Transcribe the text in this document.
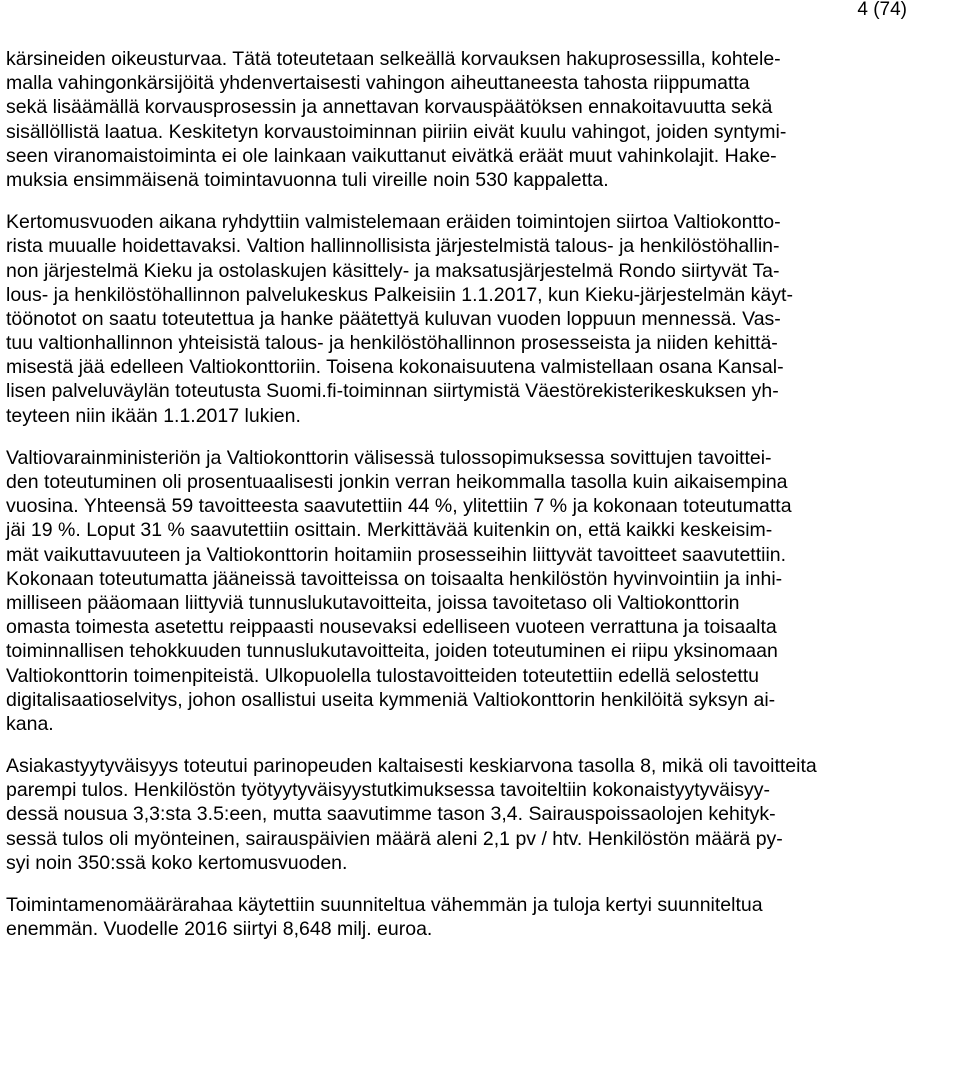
4 (74)
kärsineiden oikeusturvaa. Tätä toteutetaan selkeällä korvauksen hakuprosessilla, kohtele-
malla vahingonkärsijöitä yhdenvertaisesti vahingon aiheuttaneesta tahosta riippumatta
sekä lisäämällä korvausprosessin ja annettavan korvauspäätöksen ennakoitavuutta sekä
sisällöllistä laatua. Keskitetyn korvaustoiminnan piiriin eivät kuulu vahingot, joiden syntymi-
seen viranomaistoiminta ei ole lainkaan vaikuttanut eivätkä eräät muut vahinkolajit. Hake-
muksia ensimmäisenä toimintavuonna tuli vireille noin 530 kappaletta.
Kertomusvuoden aikana ryhdyttiin valmistelemaan eräiden toimintojen siirtoa Valtiokontto-
rista muualle hoidettavaksi. Valtion hallinnollisista järjestelmistä talous- ja henkilöstöhallin-
non järjestelmä Kieku ja ostolaskujen käsittely- ja maksatusjärjestelmä Rondo siirtyvät Ta-
lous- ja henkilöstöhallinnon palvelukeskus Palkeisiin 1.1.2017, kun Kieku-järjestelmän käyt-
töönotot on saatu toteutettua ja hanke päätettyä kuluvan vuoden loppuun mennessä. Vas-
tuu valtionhallinnon yhteisistä talous- ja henkilöstöhallinnon prosesseista ja niiden kehittä-
misestä jää edelleen Valtiokonttoriin. Toisena kokonaisuutena valmistellaan osana Kansal-
lisen palveluväylän toteutusta Suomi.fi-toiminnan siirtymistä Väestörekisterikeskuksen yh-
teyteen niin ikään 1.1.2017 lukien.
Valtiovarainministeriön ja Valtiokonttorin välisessä tulossopimuksessa sovittujen tavoittei-
den toteutuminen oli prosentuaalisesti jonkin verran heikommalla tasolla kuin aikaisempina
vuosina. Yhteensä 59 tavoitteesta saavutettiin 44 %, ylitettiin 7 % ja kokonaan toteutumatta
jäi 19 %. Loput 31 % saavutettiin osittain. Merkittävää kuitenkin on, että kaikki keskeisim-
mät vaikuttavuuteen ja Valtiokonttorin hoitamiin prosesseihin liittyvät tavoitteet saavutettiin.
Kokonaan toteutumatta jääneissä tavoitteissa on toisaalta henkilöstön hyvinvointiin ja inhi-
milliseen pääomaan liittyviä tunnuslukutavoitteita, joissa tavoitetaso oli Valtiokonttorin
omasta toimesta asetettu reippaasti nousevaksi edelliseen vuoteen verrattuna ja toisaalta
toiminnallisen tehokkuuden tunnuslukutavoitteita, joiden toteutuminen ei riipu yksinomaan
Valtiokonttorin toimenpiteistä. Ulkopuolella tulostavoitteiden toteutettiin edellä selostettu
digitalisaatioselvitys, johon osallistui useita kymmeniä Valtiokonttorin henkilöitä syksyn ai-
kana.
Asiakastyytyväisyys toteutui parinopeuden kaltaisesti keskiarvona tasolla 8, mikä oli tavoitteita
parempi tulos. Henkilöstön työtyytyväisyystutkimuksessa tavoiteltiin kokonaistyytyväisyy-
dessä nousua 3,3:sta 3.5:een, mutta saavutimme tason 3,4. Sairauspoissaolojen kehityk-
sessä tulos oli myönteinen, sairauspäivien määrä aleni 2,1 pv / htv. Henkilöstön määrä py-
syi noin 350:ssä koko kertomusvuoden.
Toimintamenomäärärahaa käytettiin suunniteltua vähemmän ja tuloja kertyi suunniteltua
enemmän. Vuodelle 2016 siirtyi 8,648 milj. euroa.
